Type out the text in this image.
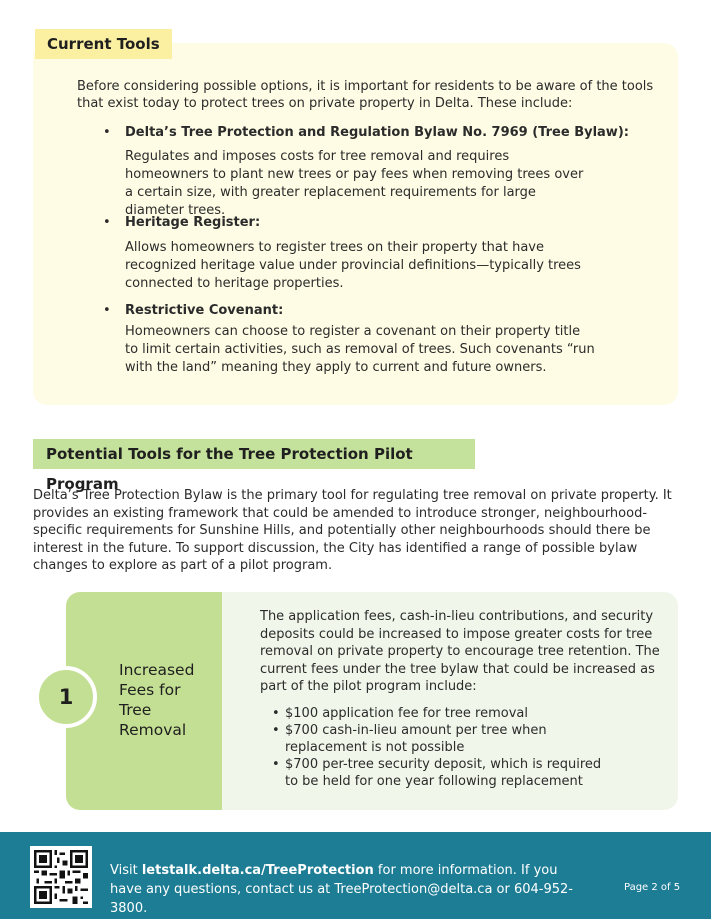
Current Tools

Before considering possible options, it is important for residents to be aware of the tools that exist today to protect trees on private property in Delta. These include:

• Delta’s Tree Protection and Regulation Bylaw No. 7969 (Tree Bylaw):

Regulates and imposes costs for tree removal and requires homeowners to plant new trees or pay fees when removing trees over a certain size, with greater replacement requirements for large diameter trees.

• Heritage Register:

Allows homeowners to register trees on their property that have recognized heritage value under provincial definitions—typically trees connected to heritage properties.

• Restrictive Covenant:

Homeowners can choose to register a covenant on their property title to limit certain activities, such as removal of trees. Such covenants “run with the land” meaning they apply to current and future owners.

Potential Tools for the Tree Protection Pilot Program

Delta’s Tree Protection Bylaw is the primary tool for regulating tree removal on private property. It provides an existing framework that could be amended to introduce stronger, neighbourhood-specific requirements for Sunshine Hills, and potentially other neighbourhoods should there be interest in the future. To support discussion, the City has identified a range of possible bylaw changes to explore as part of a pilot program.

1

Increased Fees for Tree Removal

The application fees, cash-in-lieu contributions, and security deposits could be increased to impose greater costs for tree removal on private property to encourage tree retention. The current fees under the tree bylaw that could be increased as part of the pilot program include:

• $100 application fee for tree removal
• $700 cash-in-lieu amount per tree when replacement is not possible
• $700 per-tree security deposit, which is required to be held for one year following replacement

Visit letstalk.delta.ca/TreeProtection for more information. If you have any questions, contact us at TreeProtection@delta.ca or 604-952-3800.

Page 2 of 5
